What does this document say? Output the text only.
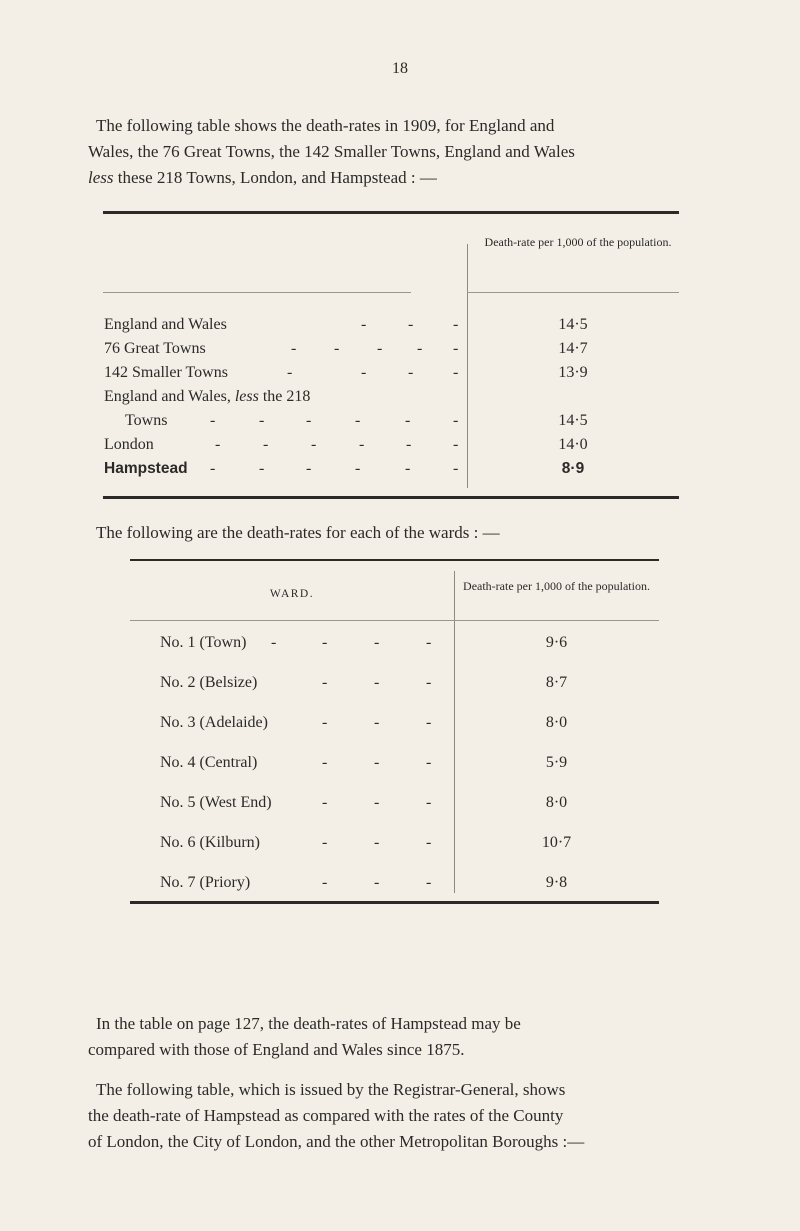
18
The following table shows the death-rates in 1909, for England and
Wales, the 76 Great Towns, the 142 Smaller Towns, England and Wales
less these 218 Towns, London, and Hampstead : —
Death-rate per 1,000 of the population.
England and Wales	-	- -	14·5
76 Great Towns	- - - - -	14·7
142 Smaller Towns	-	-	- -	13·9
England and Wales, less the 218
Towns	-	-	-	-	-	-	14·5
London	-	-	-	-	-	-	14·0
Hampstead -	-	-	-	-	-	8·9
The following are the death-rates for each of the wards : —
WARD.
Death-rate per 1,000 of the population.
No. 1 (Town) -	-	-	-	9·6
No. 2 (Belsize)	-	-	-	8·7
No. 3 (Adelaide)	-	-	-	8·0
No. 4 (Central)	-	-	-	5·9
No. 5 (West End)	-	-	-	8·0
No. 6 (Kilburn)	-	-	-	10·7
No. 7 (Priory)	-	-	-	9·8
In the table on page 127, the death-rates of Hampstead may be
compared with those of England and Wales since 1875.
The following table, which is issued by the Registrar-General, shows
the death-rate of Hampstead as compared with the rates of the County
of London, the City of London, and the other Metropolitan Boroughs :—
